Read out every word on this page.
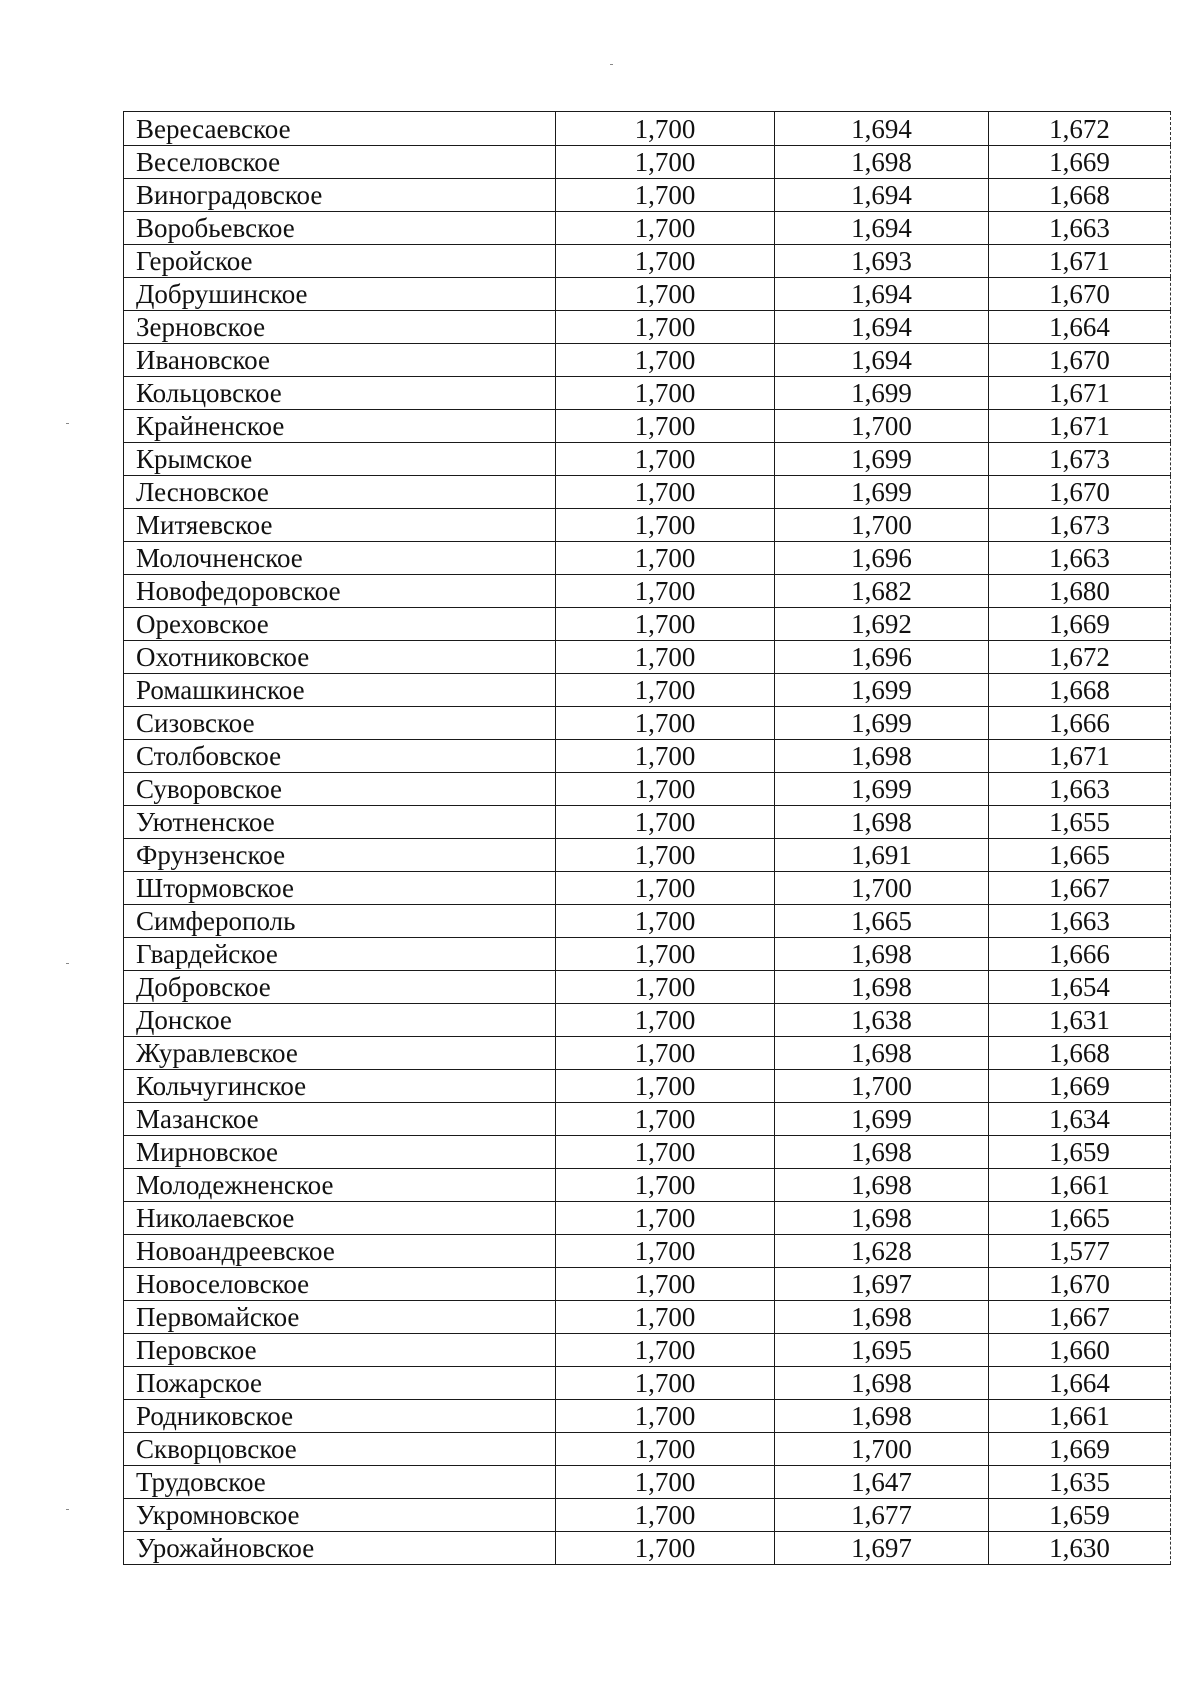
Вересаевское	1,700	1,694	1,672
Веселовское	1,700	1,698	1,669
Виноградовское	1,700	1,694	1,668
Воробьевское	1,700	1,694	1,663
Геройское	1,700	1,693	1,671
Добрушинское	1,700	1,694	1,670
Зерновское	1,700	1,694	1,664
Ивановское	1,700	1,694	1,670
Кольцовское	1,700	1,699	1,671
Крайненское	1,700	1,700	1,671
Крымское	1,700	1,699	1,673
Лесновское	1,700	1,699	1,670
Митяевское	1,700	1,700	1,673
Молочненское	1,700	1,696	1,663
Новофедоровское	1,700	1,682	1,680
Ореховское	1,700	1,692	1,669
Охотниковское	1,700	1,696	1,672
Ромашкинское	1,700	1,699	1,668
Сизовское	1,700	1,699	1,666
Столбовское	1,700	1,698	1,671
Суворовское	1,700	1,699	1,663
Уютненское	1,700	1,698	1,655
Фрунзенское	1,700	1,691	1,665
Штормовское	1,700	1,700	1,667
Симферополь	1,700	1,665	1,663
Гвардейское	1,700	1,698	1,666
Добровское	1,700	1,698	1,654
Донское	1,700	1,638	1,631
Журавлевское	1,700	1,698	1,668
Кольчугинское	1,700	1,700	1,669
Мазанское	1,700	1,699	1,634
Мирновское	1,700	1,698	1,659
Молодежненское	1,700	1,698	1,661
Николаевское	1,700	1,698	1,665
Новоандреевское	1,700	1,628	1,577
Новоселовское	1,700	1,697	1,670
Первомайское	1,700	1,698	1,667
Перовское	1,700	1,695	1,660
Пожарское	1,700	1,698	1,664
Родниковское	1,700	1,698	1,661
Скворцовское	1,700	1,700	1,669
Трудовское	1,700	1,647	1,635
Укромновское	1,700	1,677	1,659
Урожайновское	1,700	1,697	1,630
